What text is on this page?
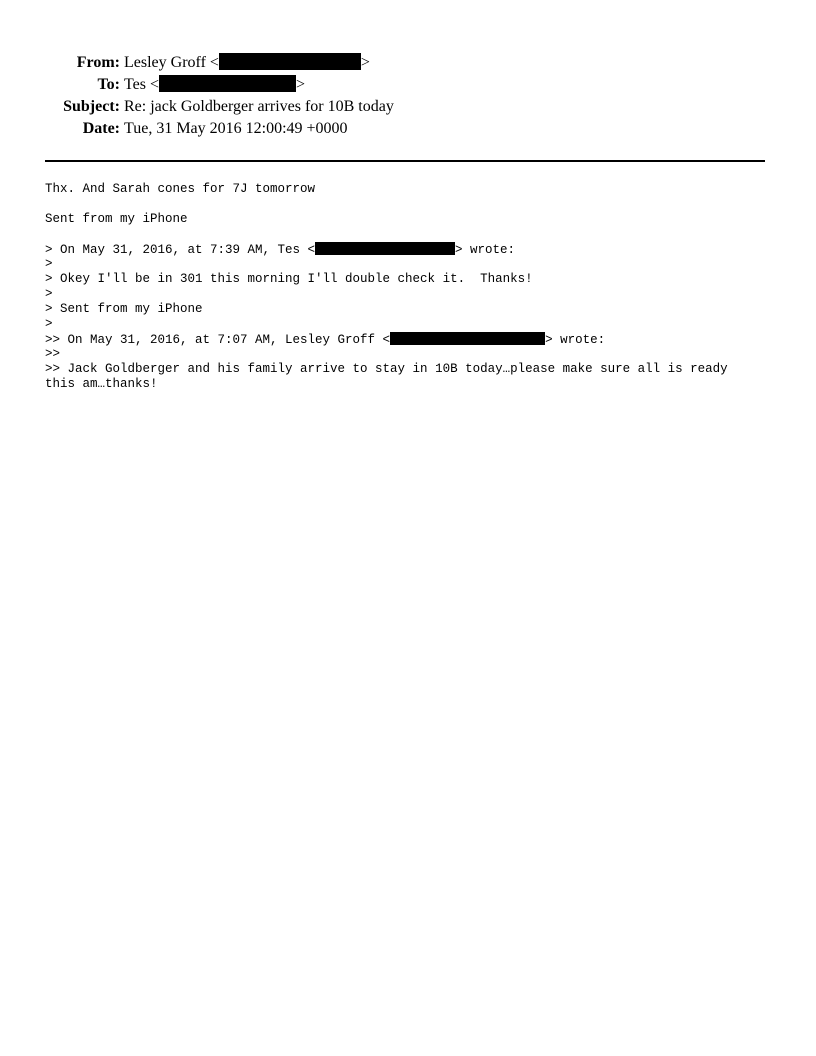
From: Lesley Groff <	>
To: Tes <	>
Subject: Re: jack Goldberger arrives for 10B today
Date: Tue, 31 May 2016 12:00:49 +0000
Thx. And Sarah cones for 7J tomorrow
Sent from my iPhone
> On May 31, 2016, at 7:39 AM, Tes <	> wrote:
>
> Okey I'll be in 301 this morning I'll double check it.  Thanks!
>
> Sent from my iPhone
>
>> On May 31, 2016, at 7:07 AM, Lesley Groff <	> wrote:
>>
>> Jack Goldberger and his family arrive to stay in 10B today…please make sure all is ready this am…thanks!
